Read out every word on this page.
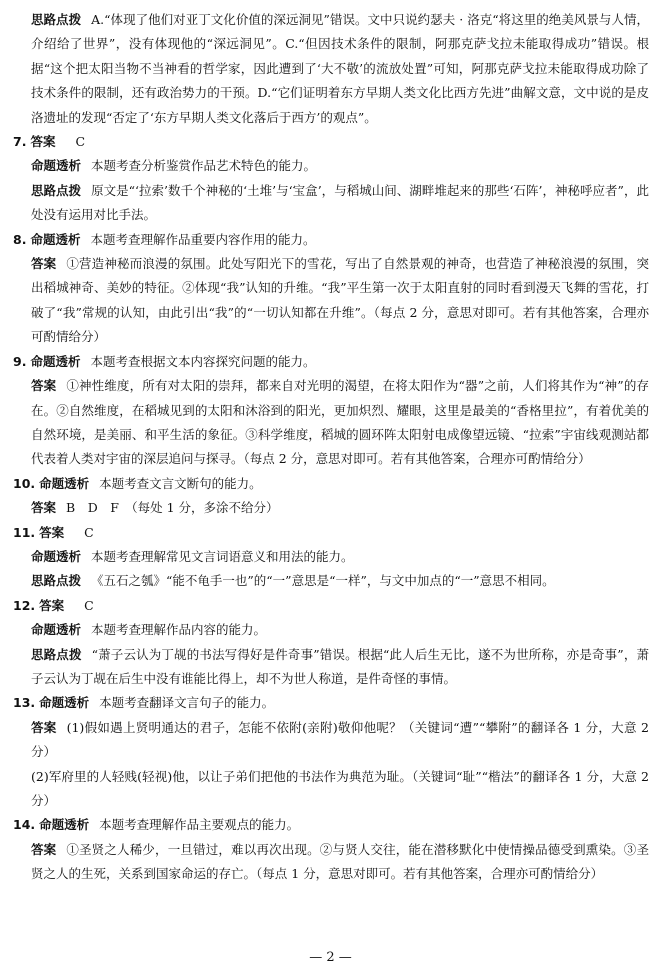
思路点拨 A.“体现了他们对亚丁文化价值的深远洞见”错误。文中只说约瑟夫 · 洛克“将这里的绝美风景与人情，介绍给了世界”，没有体现他的“深远洞见”。C.“但因技术条件的限制，阿那克萨戈拉未能取得成功”错误。根据“这个把太阳当物不当神看的哲学家，因此遭到了‘大不敬’的流放处置”可知，阿那克萨戈拉未能取得成功除了技术条件的限制，还有政治势力的干预。D.“它们证明着东方早期人类文化比西方先进”曲解文意，文中说的是皮洛遗址的发现“否定了‘东方早期人类文化落后于西方’的观点”。

7. 答案 C

命题透析 本题考查分析鉴赏作品艺术特色的能力。

思路点拨 原文是“‘拉索’数千个神秘的‘土堆’与‘宝盒’，与稻城山间、湖畔堆起来的那些‘石阵’，神秘呼应者”，此处没有运用对比手法。

8. 命题透析 本题考查理解作品重要内容作用的能力。

答案 ①营造神秘而浪漫的氛围。此处写阳光下的雪花，写出了自然景观的神奇，也营造了神秘浪漫的氛围，突出稻城神奇、美妙的特征。②体现“我”认知的升维。“我”平生第一次于太阳直射的同时看到漫天飞舞的雪花，打破了“我”常规的认知，由此引出“我”的“一切认知都在升维”。（每点 2 分，意思对即可。若有其他答案，合理亦可酌情给分）

9. 命题透析 本题考查根据文本内容探究问题的能力。

答案 ①神性维度，所有对太阳的崇拜，都来自对光明的渴望，在将太阳作为“器”之前，人们将其作为“神”的存在。②自然维度，在稻城见到的太阳和沐浴到的阳光，更加炽烈、耀眼，这里是最美的“香格里拉”，有着优美的自然环境，是美丽、和平生活的象征。③科学维度，稻城的圆环阵太阳射电成像望远镜、“拉索”宇宙线观测站都代表着人类对宇宙的深层追问与探寻。（每点 2 分，意思对即可。若有其他答案，合理亦可酌情给分）

10. 命题透析 本题考查文言文断句的能力。

答案 B　D　F　（每处 1 分，多涂不给分）

11. 答案 C

命题透析 本题考查理解常见文言词语意义和用法的能力。

思路点拨 《五石之瓠》“能不龟手一也”的“一”意思是“一样”，与文中加点的“一”意思不相同。

12. 答案 C

命题透析 本题考查理解作品内容的能力。

思路点拨 “萧子云认为丁觇的书法写得好是件奇事”错误。根据“此人后生无比，遂不为世所称，亦是奇事”，萧子云认为丁觇在后生中没有谁能比得上，却不为世人称道，是件奇怪的事情。

13. 命题透析 本题考查翻译文言句子的能力。

答案 (1)假如遇上贤明通达的君子，怎能不依附(亲附)敬仰他呢？（关键词“遭”“攀附”的翻译各 1 分，大意 2 分）

(2)军府里的人轻贱(轻视)他，以让子弟们把他的书法作为典范为耻。（关键词“耻”“楷法”的翻译各 1 分，大意 2 分）

14. 命题透析 本题考查理解作品主要观点的能力。

答案 ①圣贤之人稀少，一旦错过，难以再次出现。②与贤人交往，能在潜移默化中使情操品德受到熏染。③圣贤之人的生死，关系到国家命运的存亡。（每点 1 分，意思对即可。若有其他答案，合理亦可酌情给分）

— 2 —
